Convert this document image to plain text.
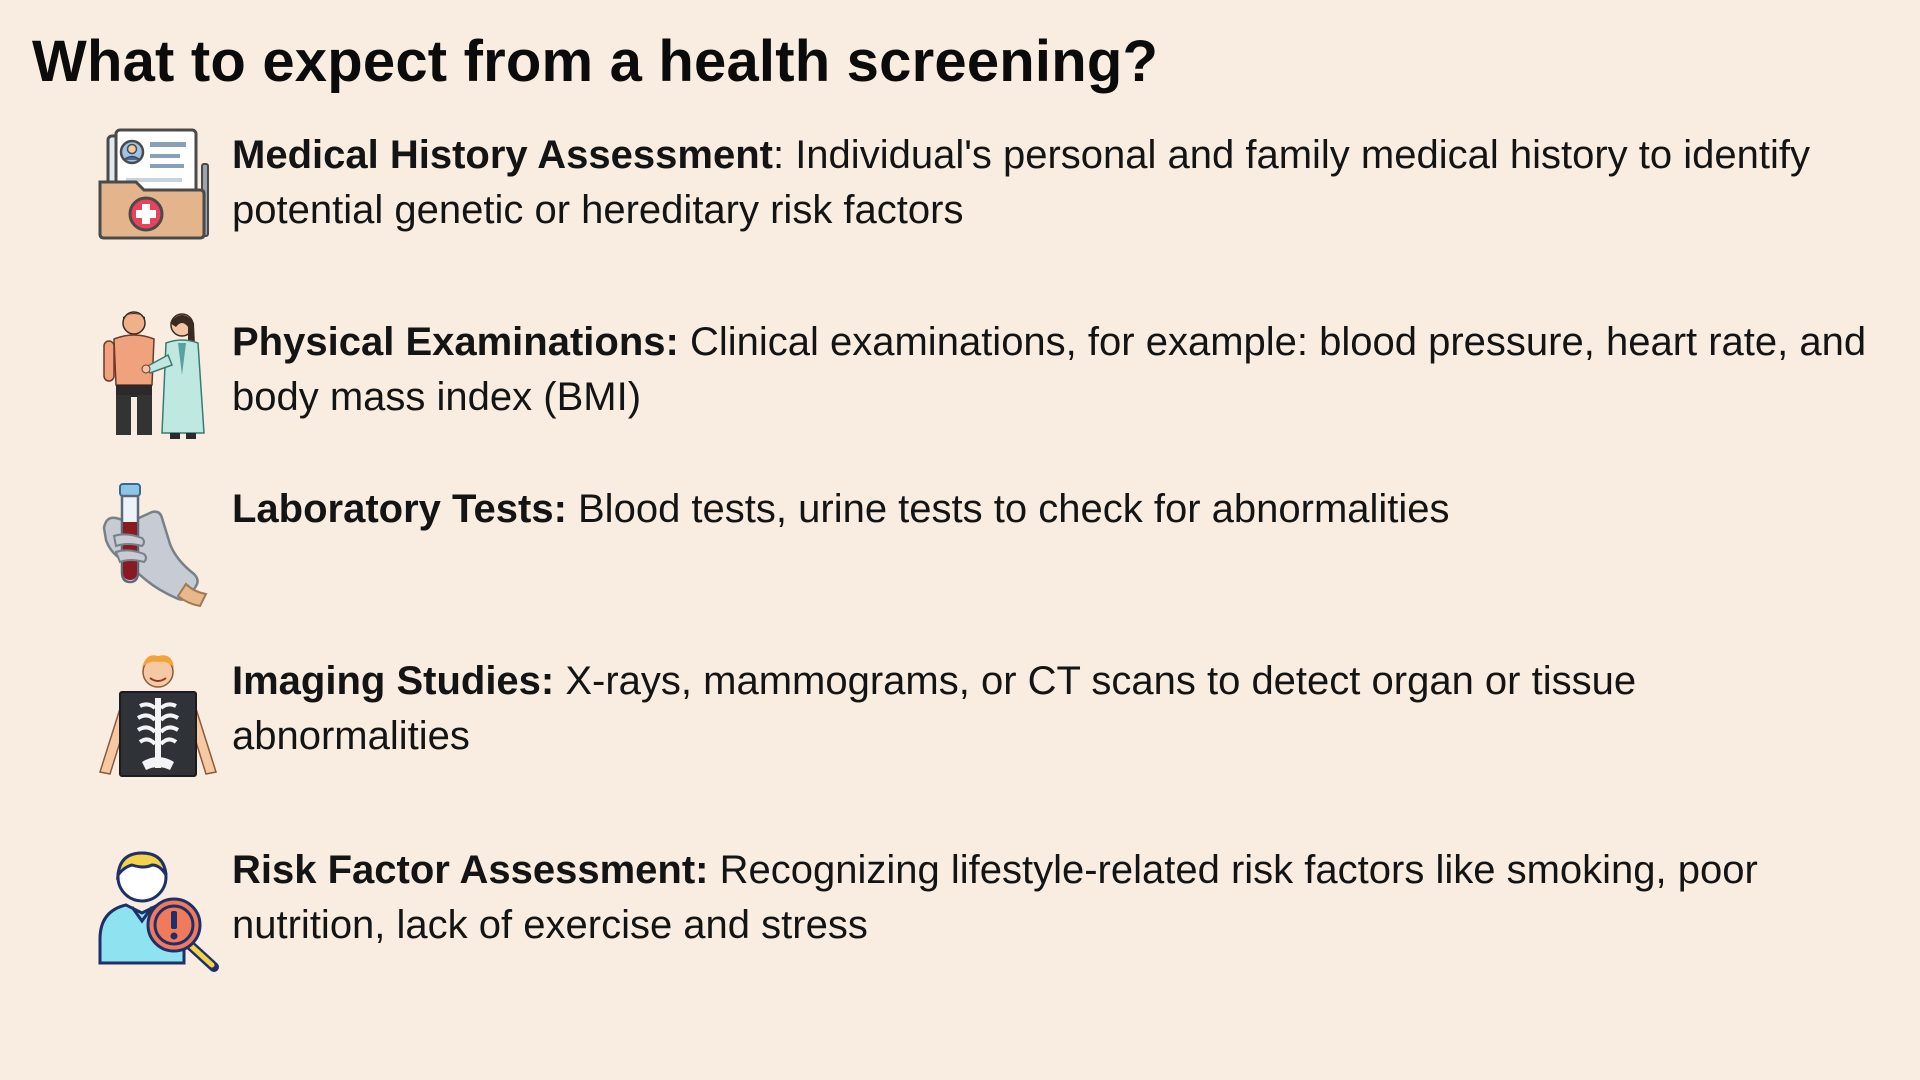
What to expect from a health screening?
Medical History Assessment: Individual's personal and family medical history to identify potential genetic or hereditary risk factors
Physical Examinations: Clinical examinations, for example: blood pressure, heart rate, and body mass index (BMI)
Laboratory Tests: Blood tests, urine tests to check for abnormalities
Imaging Studies: X-rays, mammograms, or CT scans to detect organ or tissue abnormalities
Risk Factor Assessment: Recognizing lifestyle-related risk factors like smoking, poor nutrition, lack of exercise and stress
